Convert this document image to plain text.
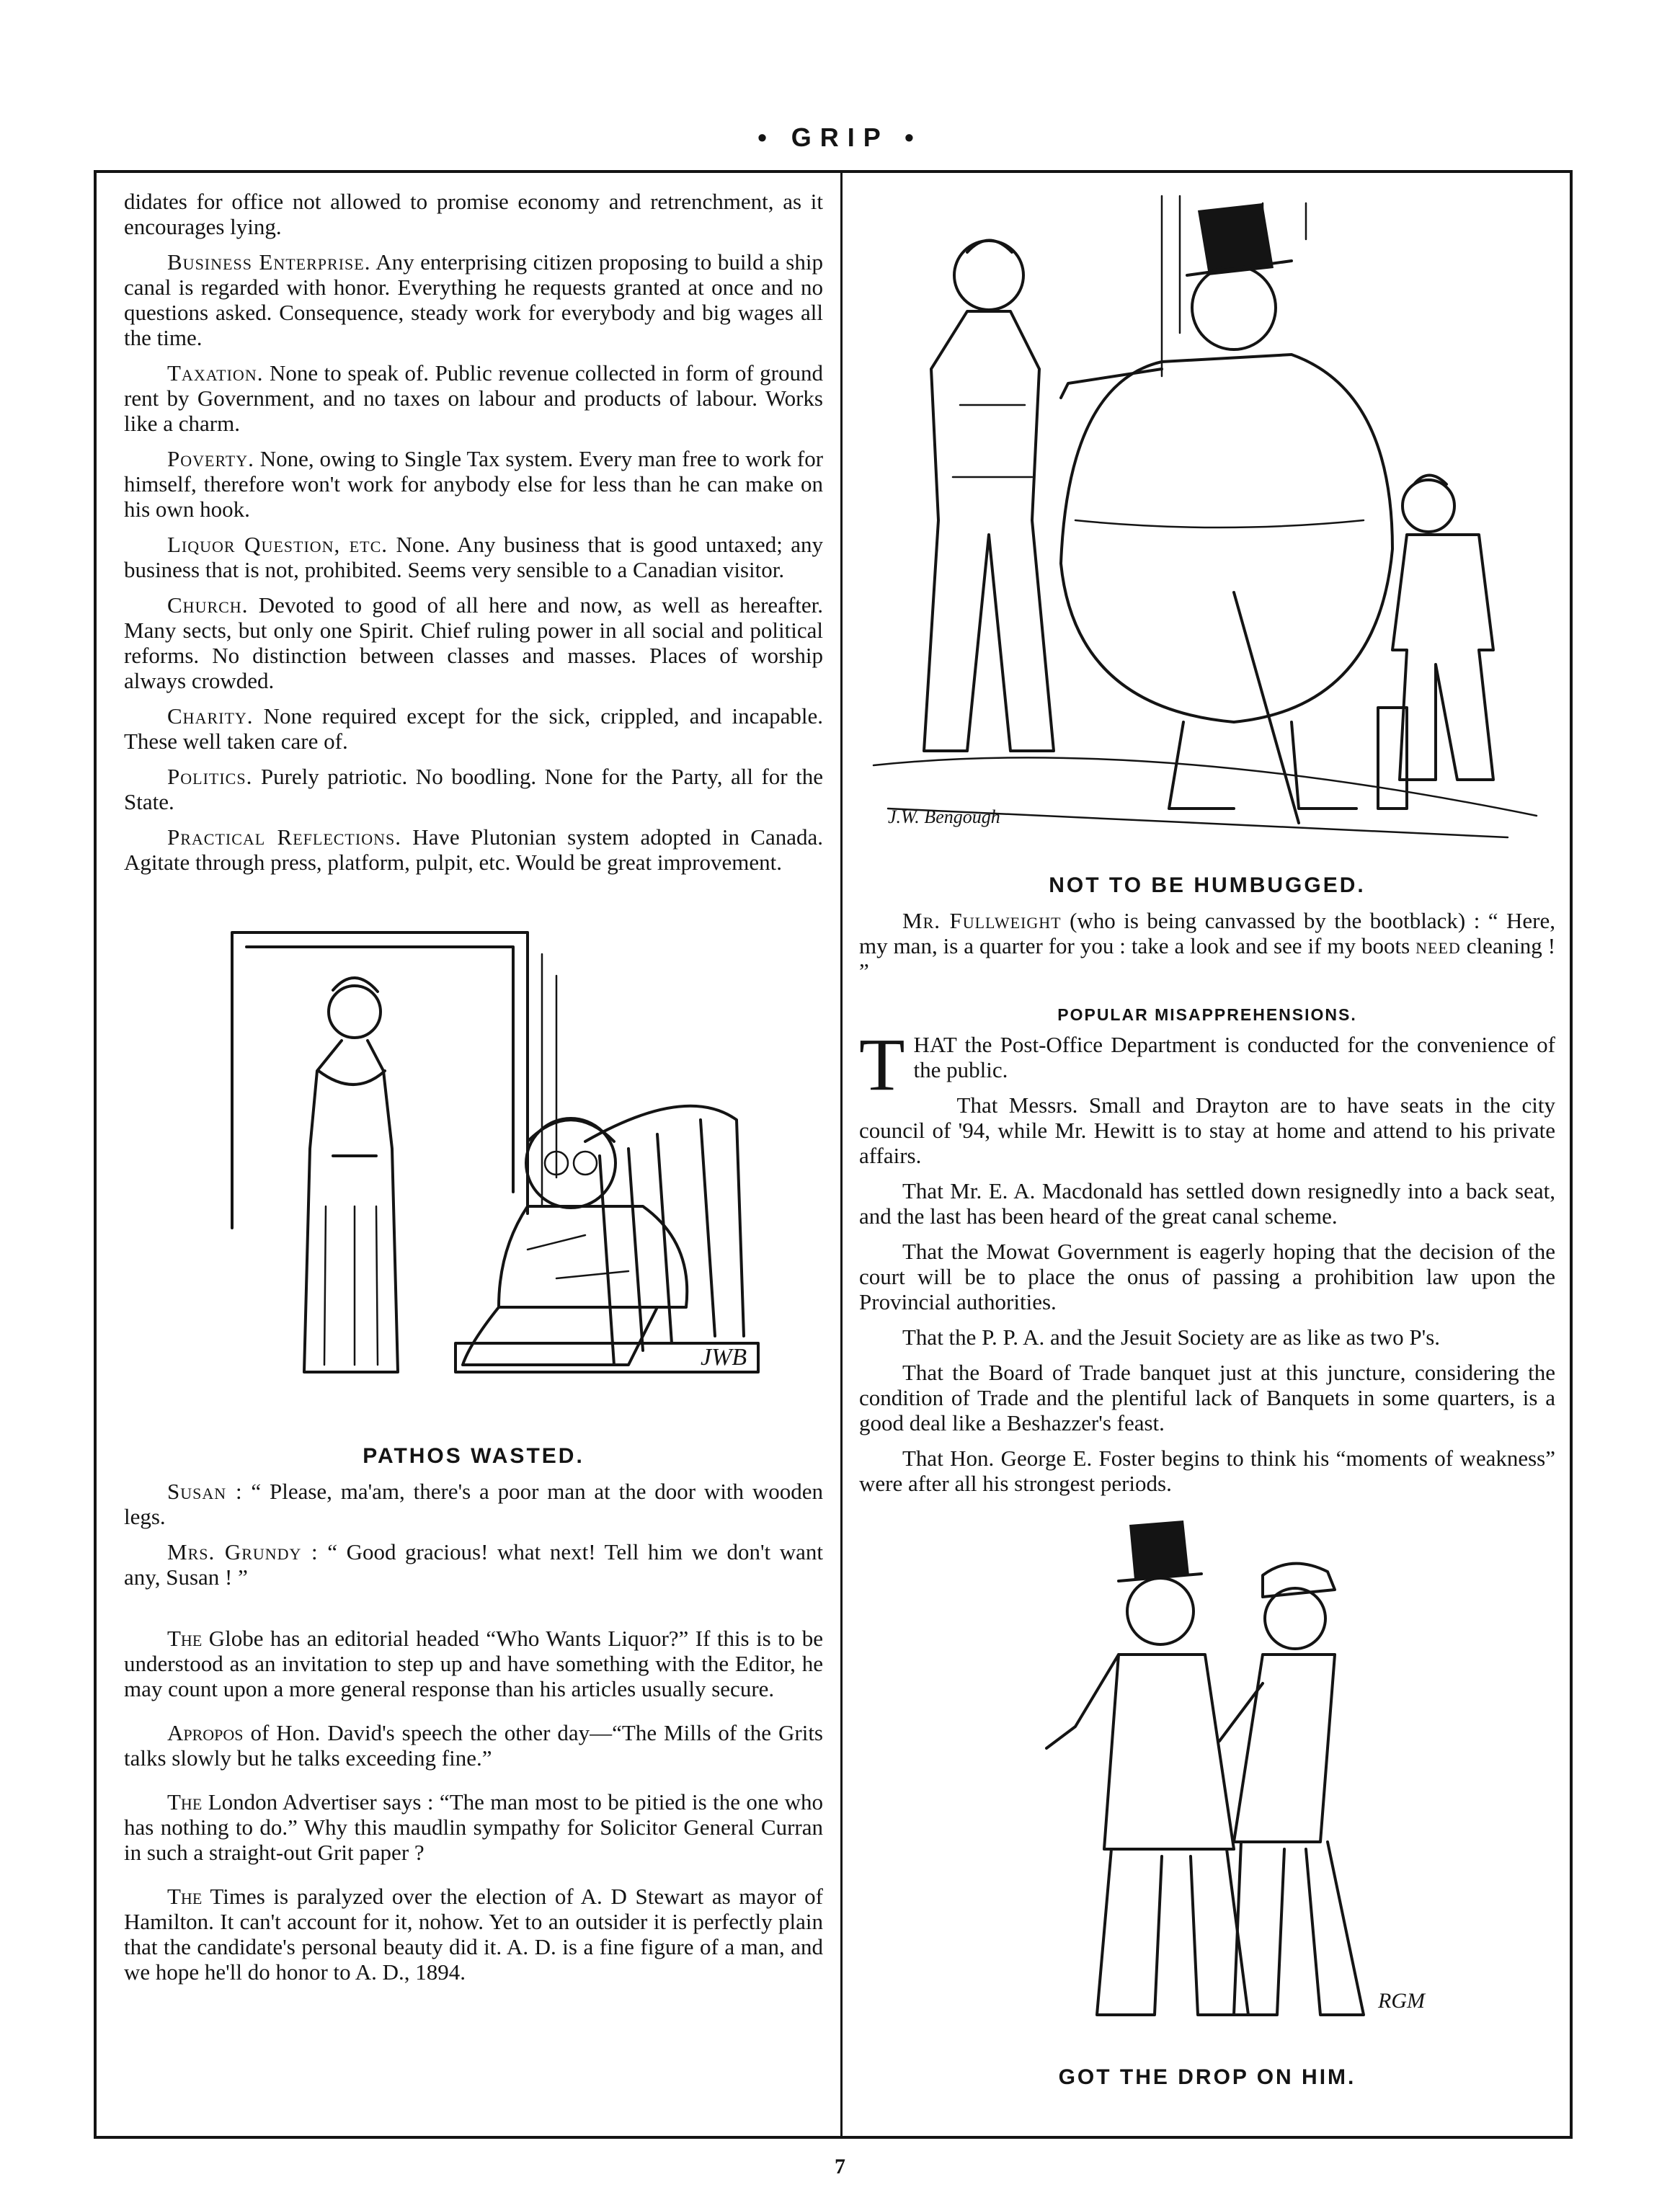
• GRIP •

didates for office not allowed to promise economy and retrenchment, as it encourages lying.

Business Enterprise. Any enterprising citizen proposing to build a ship canal is regarded with honor. Everything he requests granted at once and no questions asked. Consequence, steady work for everybody and big wages all the time.

Taxation. None to speak of. Public revenue collected in form of ground rent by Government, and no taxes on labour and products of labour. Works like a charm.

Poverty. None, owing to Single Tax system. Every man free to work for himself, therefore won't work for anybody else for less than he can make on his own hook.

Liquor Question, etc. None. Any business that is good untaxed; any business that is not, prohibited. Seems very sensible to a Canadian visitor.

Church. Devoted to good of all here and now, as well as hereafter. Many sects, but only one Spirit. Chief ruling power in all social and political reforms. No distinction between classes and masses. Places of worship always crowded.

Charity. None required except for the sick, crippled, and incapable. These well taken care of.

Politics. Purely patriotic. No boodling. None for the Party, all for the State.

Practical Reflections. Have Plutonian system adopted in Canada. Agitate through press, platform, pulpit, etc. Would be great improvement.

JWB
PATHOS WASTED.

Susan : “ Please, ma'am, there's a poor man at the door with wooden legs.

Mrs. Grundy : “ Good gracious! what next! Tell him we don't want any, Susan ! ”

The Globe has an editorial headed “Who Wants Liquor?” If this is to be understood as an invitation to step up and have something with the Editor, he may count upon a more general response than his articles usually secure.

Apropos of Hon. David's speech the other day—“The Mills of the Grits talks slowly but he talks exceeding fine.”

The London Advertiser says : “The man most to be pitied is the one who has nothing to do.” Why this maudlin sympathy for Solicitor General Curran in such a straight-out Grit paper ?

The Times is paralyzed over the election of A. D Stewart as mayor of Hamilton. It can't account for it, nohow. Yet to an outsider it is perfectly plain that the candidate's personal beauty did it. A. D. is a fine figure of a man, and we hope he'll do honor to A. D., 1894.

J.W. Bengough
NOT TO BE HUMBUGGED.

Mr. Fullweight (who is being canvassed by the bootblack) : “ Here, my man, is a quarter for you : take a look and see if my boots need cleaning ! ”

POPULAR MISAPPREHENSIONS.

THAT the Post-Office Department is conducted for the convenience of the public.

That Messrs. Small and Drayton are to have seats in the city council of '94, while Mr. Hewitt is to stay at home and attend to his private affairs.

That Mr. E. A. Macdonald has settled down resignedly into a back seat, and the last has been heard of the great canal scheme.

That the Mowat Government is eagerly hoping that the decision of the court will be to place the onus of passing a prohibition law upon the Provincial authorities.

That the P. P. A. and the Jesuit Society are as like as two P's.

That the Board of Trade banquet just at this juncture, considering the condition of Trade and the plentiful lack of Banquets in some quarters, is a good deal like a Beshazzer's feast.

That Hon. George E. Foster begins to think his “moments of weakness” were after all his strongest periods.

RGM
GOT THE DROP ON HIM.
7
